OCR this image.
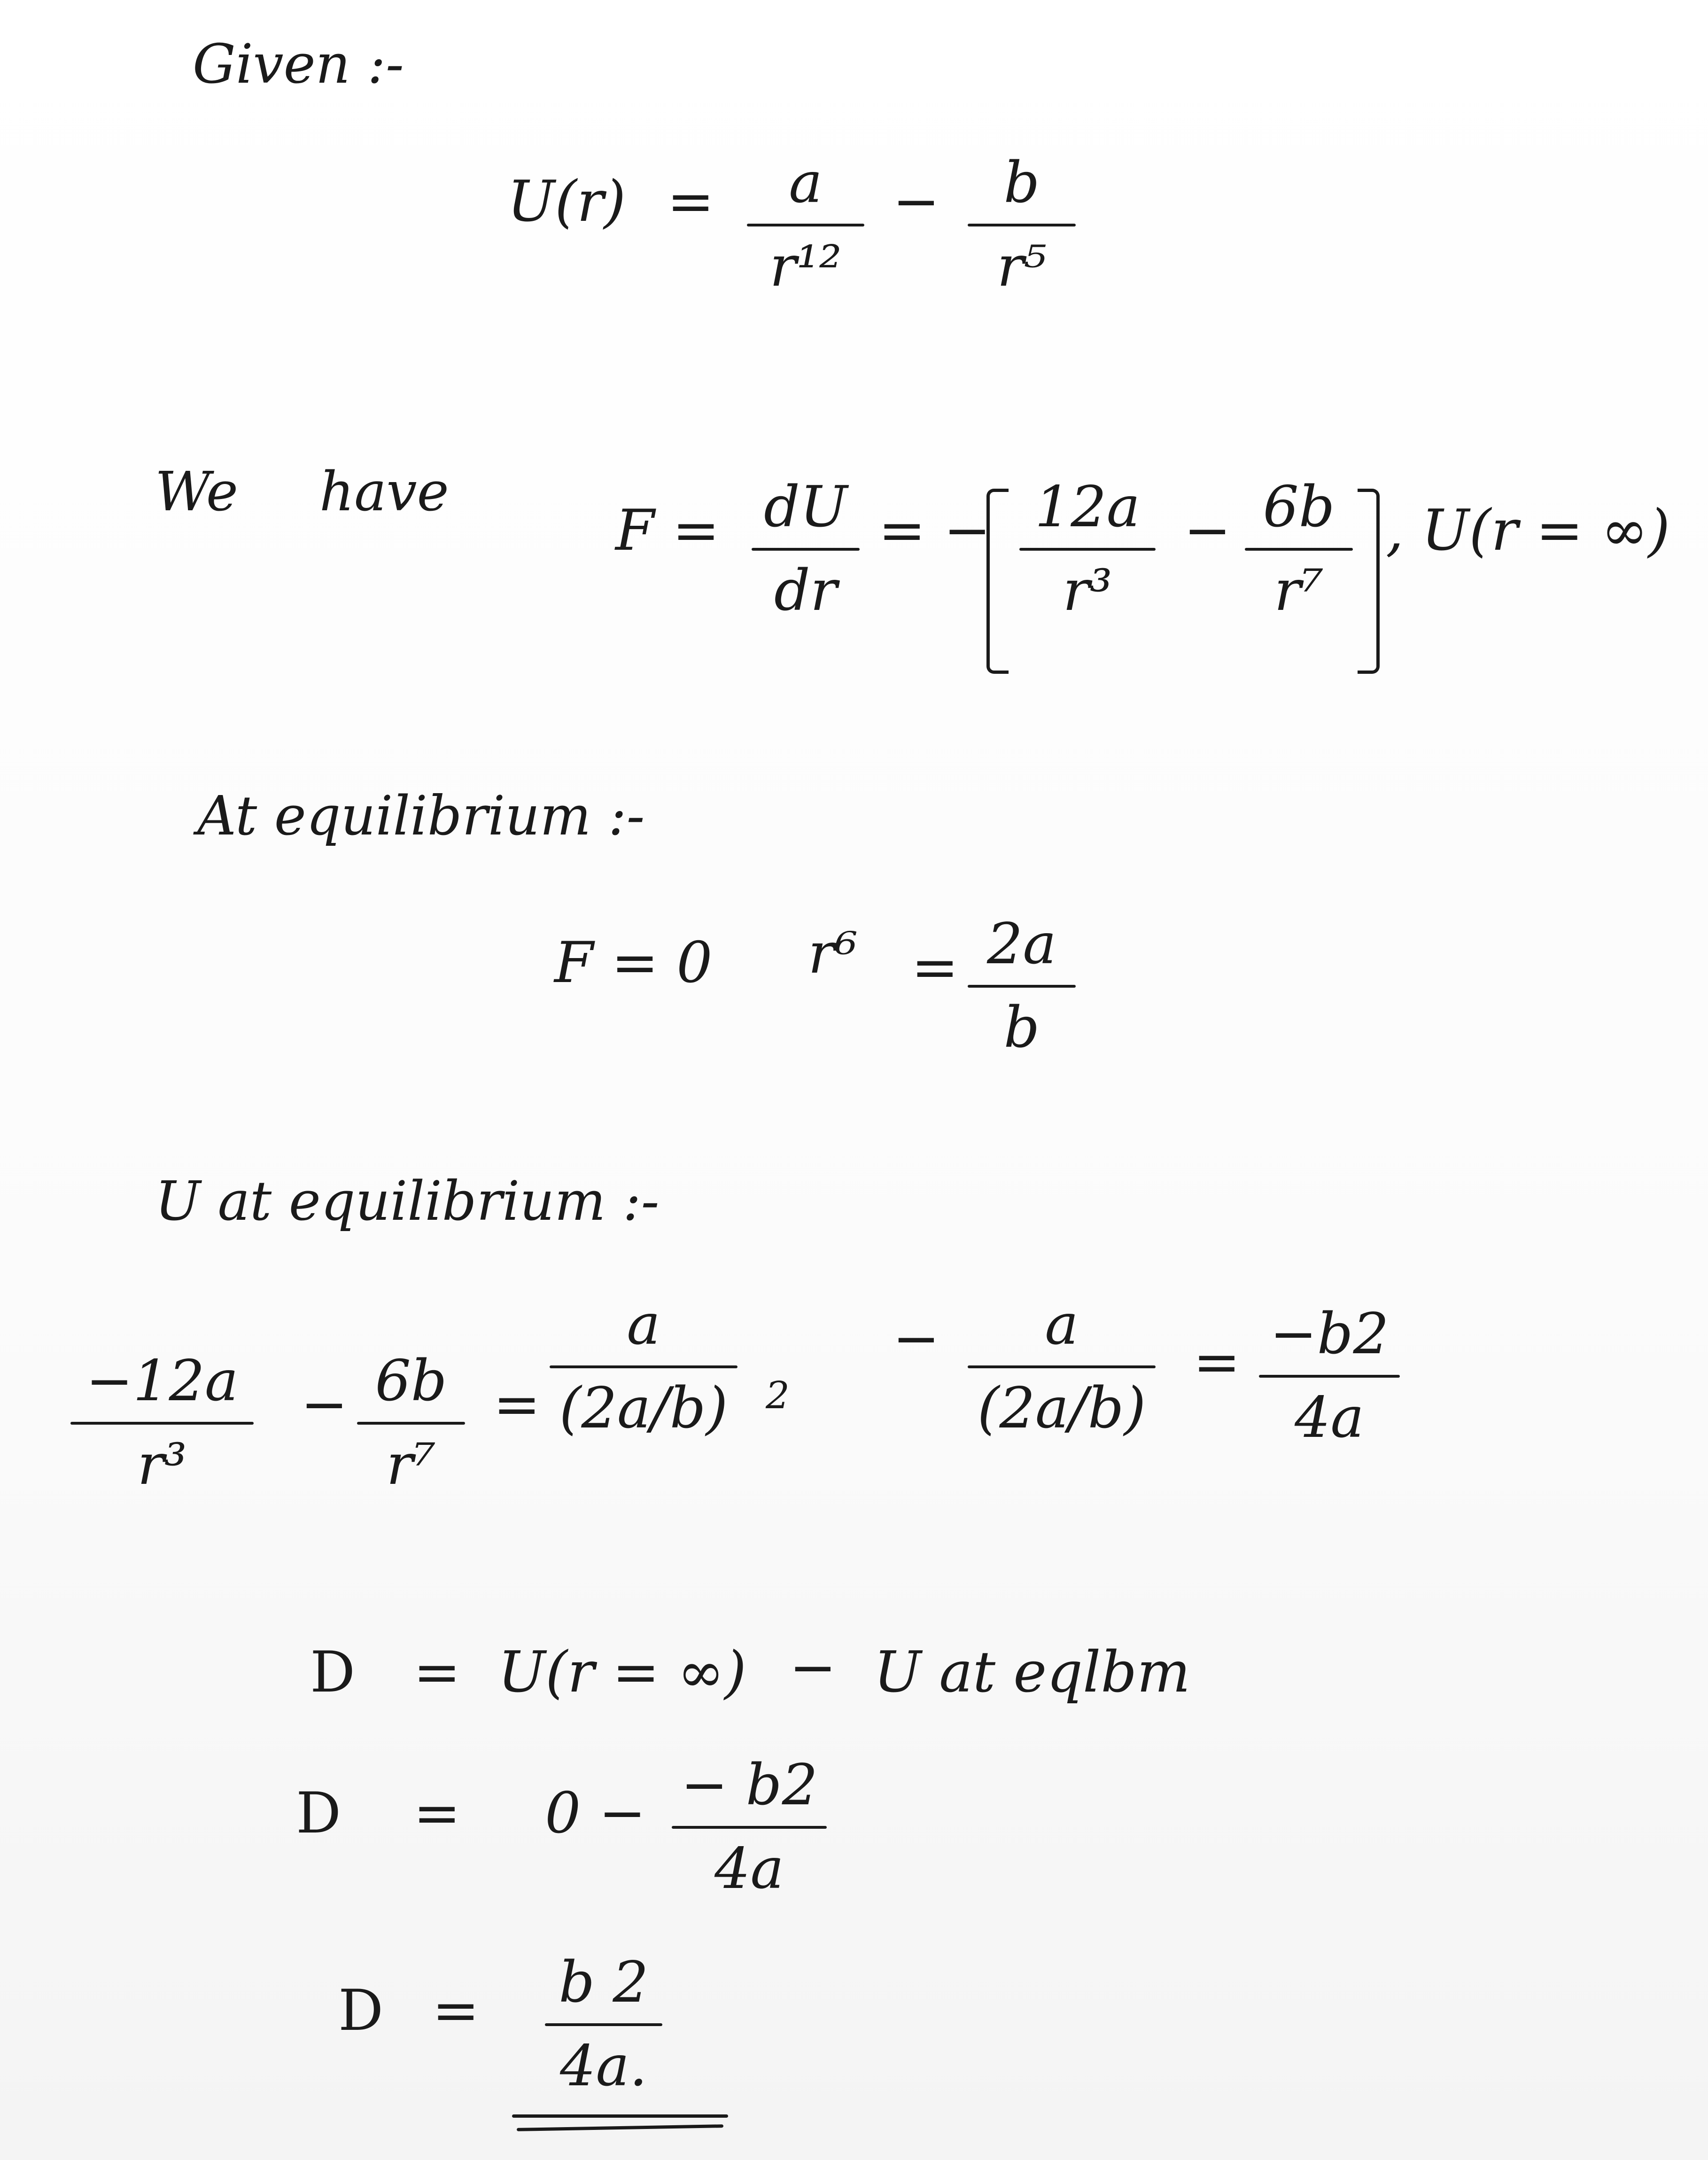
Given :-
U(r) =	a
r¹²
−	b
r⁵
We have
F = dU
dr
= − 12a
r³
− 6b
r⁷
, U(r = ∞)
At equilibrium :-
F = 0 r⁶ = 2a
b
U at equilibrium :-
−12a
r³
− 6b
r⁷
=
a
(2a/b) 2
−	a
(2a/b)
= −b2
4a
D = U(r = ∞) − U at eqlbm
D = 0 − − b2
4a
D = b 2
4a.
